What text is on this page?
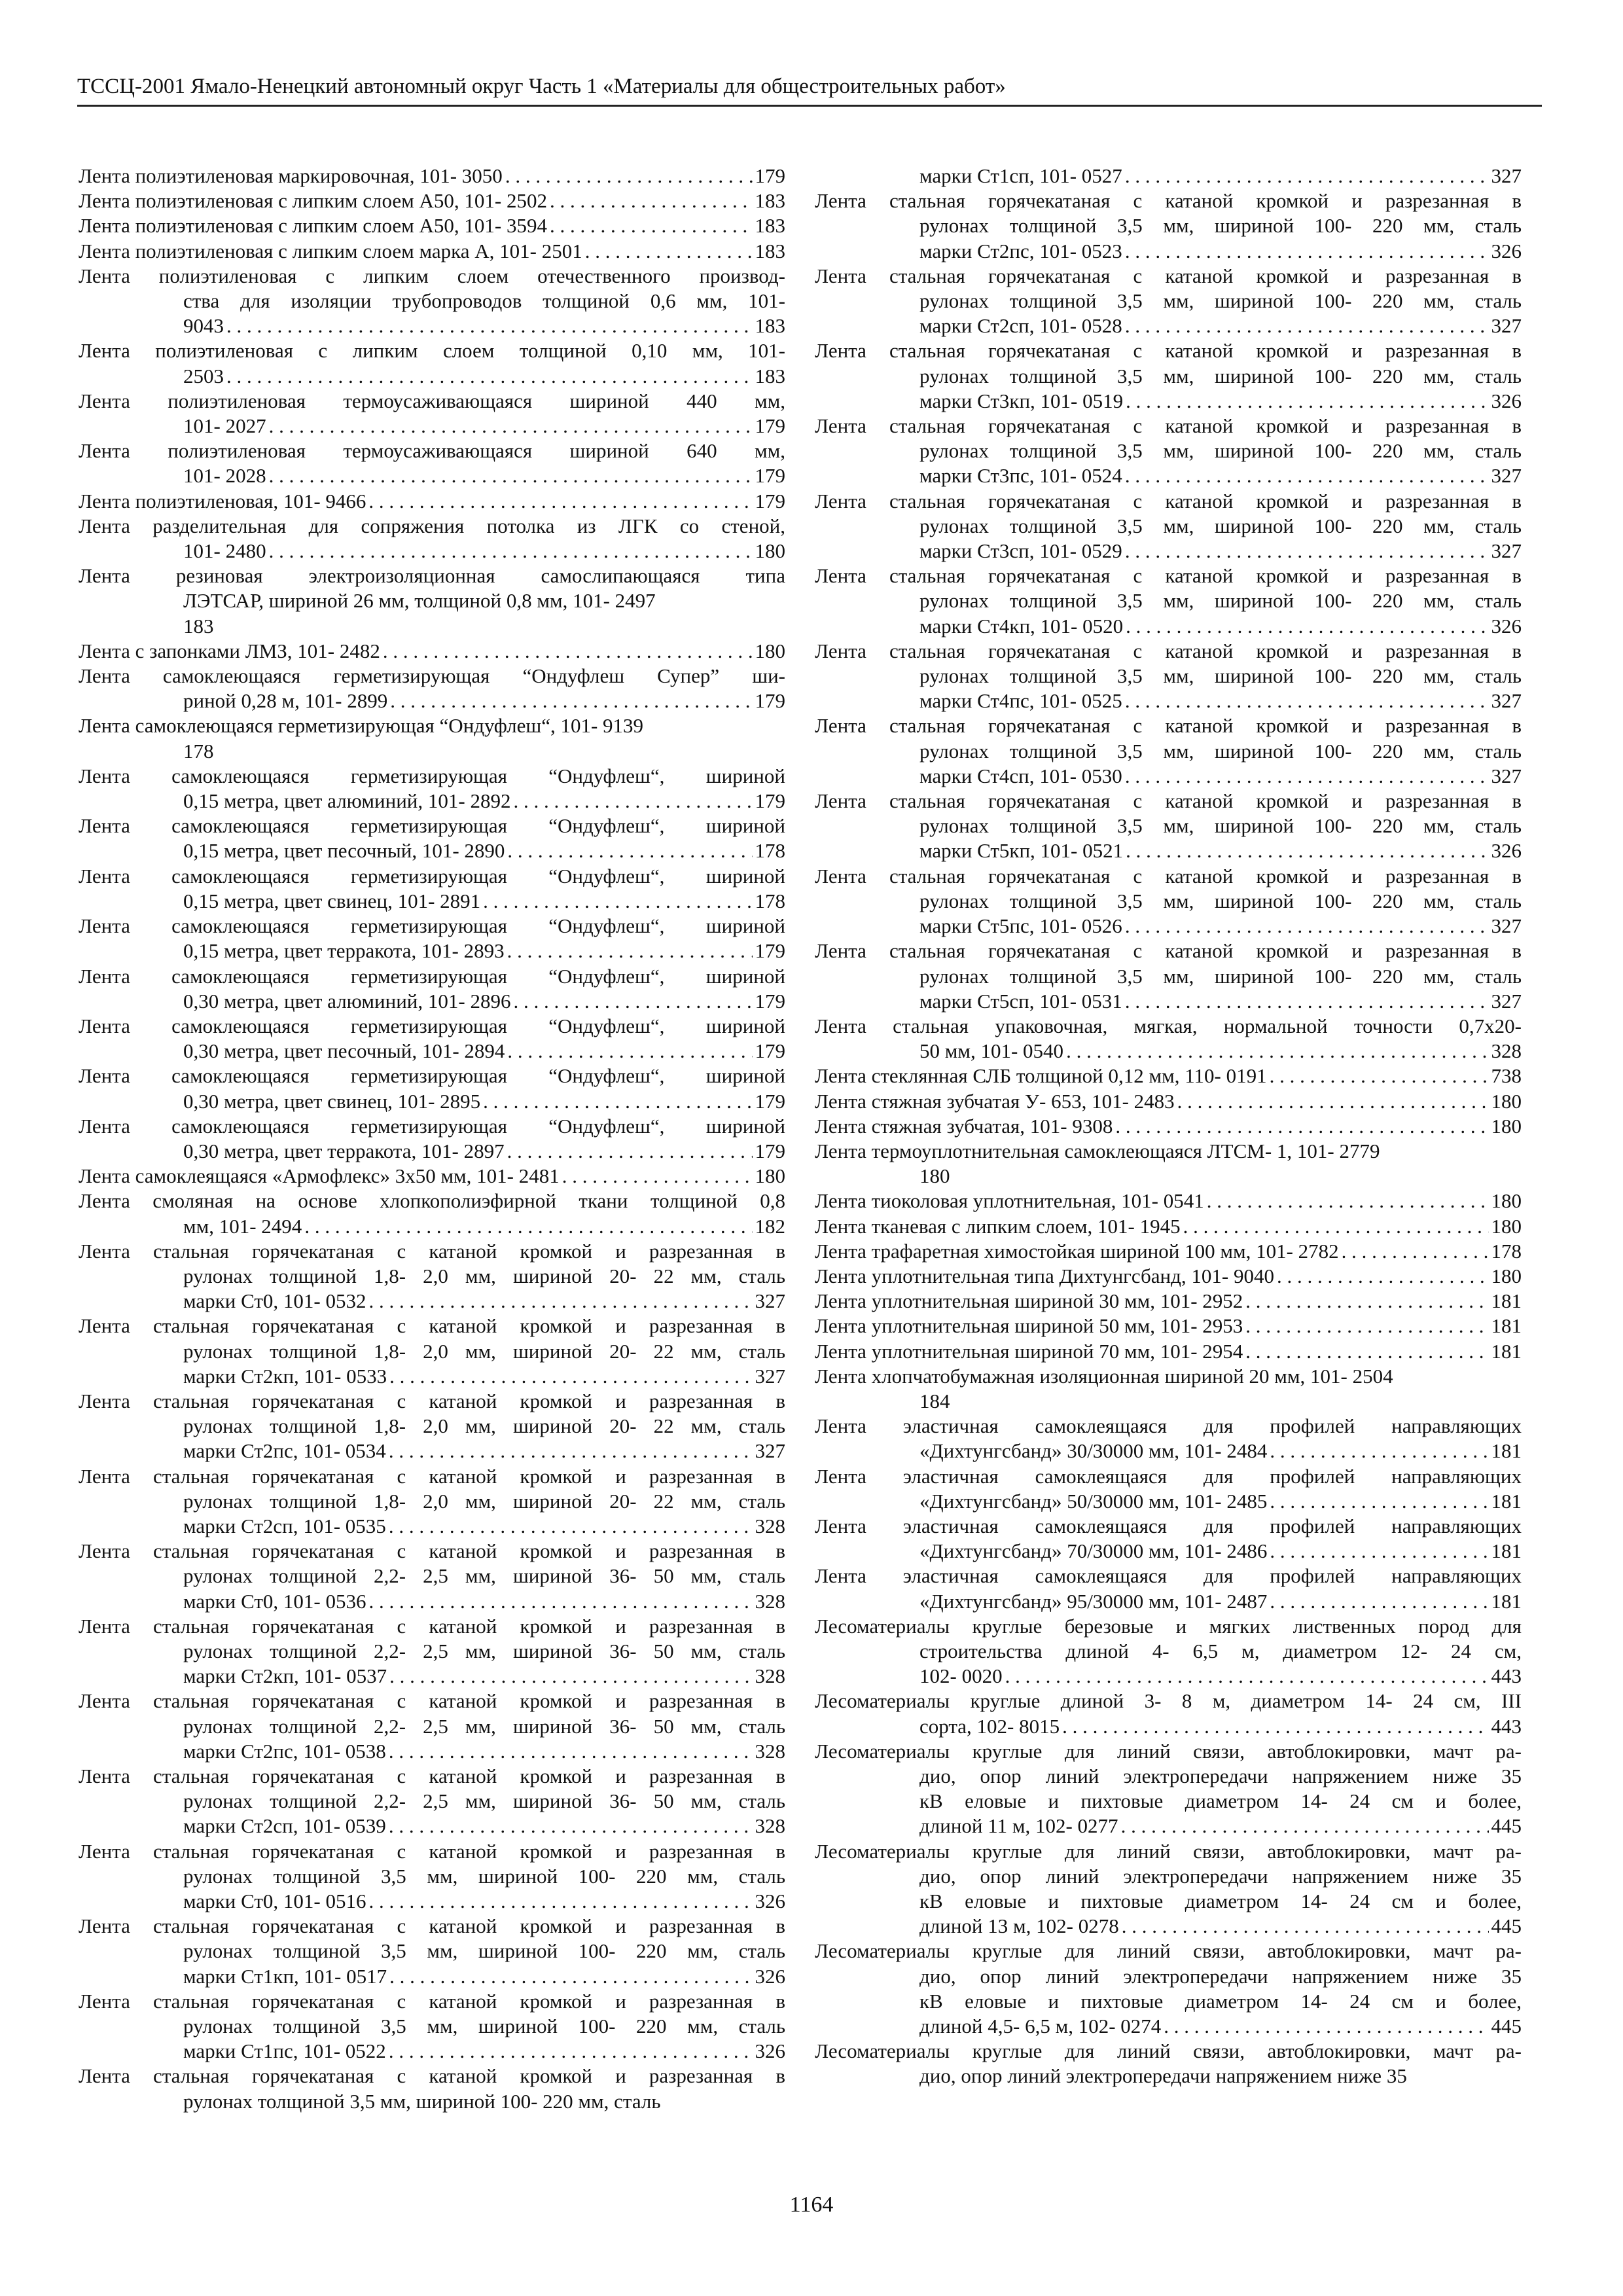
ТССЦ-2001 Ямало-Ненецкий автономный округ Часть 1 «Материалы для общестроительных работ»
Лента полиэтиленовая маркировочная, 101- 3050 . . .	179
Лента полиэтиленовая с липким слоем А50, 101- 2502 . . .	183
Лента полиэтиленовая с липким слоем А50, 101- 3594 . . .	183
Лента полиэтиленовая с липким слоем марка А, 101- 2501 . . .	183
Лента полиэтиленовая с липким слоем отечественного производ-
ства для изоляции трубопроводов толщиной 0,6 мм, 101-
9043 . . .	183
Лента полиэтиленовая с липким слоем толщиной 0,10 мм, 101-
2503 . . .	183
Лента полиэтиленовая термоусаживающаяся шириной 440 мм,
101- 2027 . . .	179
Лента полиэтиленовая термоусаживающаяся шириной 640 мм,
101- 2028 . . .	179
Лента полиэтиленовая, 101- 9466 . . .	179
Лента разделительная для сопряжения потолка из ЛГК со стеной,
101- 2480 . . .	180
Лента резиновая электроизоляционная самослипающаяся типа
ЛЭТСАР, шириной 26 мм, толщиной 0,8 мм, 101- 2497
183
Лента с запонками ЛМЗ, 101- 2482 . . .	180
Лента самоклеющаяся герметизирующая “Ондуфлеш Супер” ши-
риной 0,28 м, 101- 2899 . . .	179
Лента самоклеющаяся герметизирующая “Ондуфлеш“, 101- 9139
178
Лента самоклеющаяся герметизирующая “Ондуфлеш“, шириной
0,15 метра, цвет алюминий, 101- 2892 . . .	179
Лента самоклеющаяся герметизирующая “Ондуфлеш“, шириной
0,15 метра, цвет песочный, 101- 2890 . . .	178
Лента самоклеющаяся герметизирующая “Ондуфлеш“, шириной
0,15 метра, цвет свинец, 101- 2891 . . .	178
Лента самоклеющаяся герметизирующая “Ондуфлеш“, шириной
0,15 метра, цвет терракота, 101- 2893 . . .	179
Лента самоклеющаяся герметизирующая “Ондуфлеш“, шириной
0,30 метра, цвет алюминий, 101- 2896 . . .	179
Лента самоклеющаяся герметизирующая “Ондуфлеш“, шириной
0,30 метра, цвет песочный, 101- 2894 . . .	179
Лента самоклеющаяся герметизирующая “Ондуфлеш“, шириной
0,30 метра, цвет свинец, 101- 2895 . . .	179
Лента самоклеющаяся герметизирующая “Ондуфлеш“, шириной
0,30 метра, цвет терракота, 101- 2897 . . .	179
Лента самоклеящаяся «Армофлекс» 3х50 мм, 101- 2481 . . .	180
Лента смоляная на основе хлопкополиэфирной ткани толщиной 0,8
мм, 101- 2494 . . .	182
Лента стальная горячекатаная с катаной кромкой и разрезанная в
рулонах толщиной 1,8- 2,0 мм, шириной 20- 22 мм, сталь
марки Ст0, 101- 0532 . . .	327
Лента стальная горячекатаная с катаной кромкой и разрезанная в
рулонах толщиной 1,8- 2,0 мм, шириной 20- 22 мм, сталь
марки Ст2кп, 101- 0533 . . .	327
Лента стальная горячекатаная с катаной кромкой и разрезанная в
рулонах толщиной 1,8- 2,0 мм, шириной 20- 22 мм, сталь
марки Ст2пс, 101- 0534 . . .	327
Лента стальная горячекатаная с катаной кромкой и разрезанная в
рулонах толщиной 1,8- 2,0 мм, шириной 20- 22 мм, сталь
марки Ст2сп, 101- 0535 . . .	328
Лента стальная горячекатаная с катаной кромкой и разрезанная в
рулонах толщиной 2,2- 2,5 мм, шириной 36- 50 мм, сталь
марки Ст0, 101- 0536 . . .	328
Лента стальная горячекатаная с катаной кромкой и разрезанная в
рулонах толщиной 2,2- 2,5 мм, шириной 36- 50 мм, сталь
марки Ст2кп, 101- 0537 . . .	328
Лента стальная горячекатаная с катаной кромкой и разрезанная в
рулонах толщиной 2,2- 2,5 мм, шириной 36- 50 мм, сталь
марки Ст2пс, 101- 0538 . . .	328
Лента стальная горячекатаная с катаной кромкой и разрезанная в
рулонах толщиной 2,2- 2,5 мм, шириной 36- 50 мм, сталь
марки Ст2сп, 101- 0539 . . .	328
Лента стальная горячекатаная с катаной кромкой и разрезанная в
рулонах толщиной 3,5 мм, шириной 100- 220 мм, сталь
марки Ст0, 101- 0516 . . .	326
Лента стальная горячекатаная с катаной кромкой и разрезанная в
рулонах толщиной 3,5 мм, шириной 100- 220 мм, сталь
марки Ст1кп, 101- 0517 . . .	326
Лента стальная горячекатаная с катаной кромкой и разрезанная в
рулонах толщиной 3,5 мм, шириной 100- 220 мм, сталь
марки Ст1пс, 101- 0522 . . .	326
Лента стальная горячекатаная с катаной кромкой и разрезанная в
рулонах толщиной 3,5 мм, шириной 100- 220 мм, сталь
марки Ст1сп, 101- 0527 . . .	327
Лента стальная горячекатаная с катаной кромкой и разрезанная в
рулонах толщиной 3,5 мм, шириной 100- 220 мм, сталь
марки Ст2пс, 101- 0523 . . .	326
Лента стальная горячекатаная с катаной кромкой и разрезанная в
рулонах толщиной 3,5 мм, шириной 100- 220 мм, сталь
марки Ст2сп, 101- 0528 . . .	327
Лента стальная горячекатаная с катаной кромкой и разрезанная в
рулонах толщиной 3,5 мм, шириной 100- 220 мм, сталь
марки Ст3кп, 101- 0519 . . .	326
Лента стальная горячекатаная с катаной кромкой и разрезанная в
рулонах толщиной 3,5 мм, шириной 100- 220 мм, сталь
марки Ст3пс, 101- 0524 . . .	327
Лента стальная горячекатаная с катаной кромкой и разрезанная в
рулонах толщиной 3,5 мм, шириной 100- 220 мм, сталь
марки Ст3сп, 101- 0529 . . .	327
Лента стальная горячекатаная с катаной кромкой и разрезанная в
рулонах толщиной 3,5 мм, шириной 100- 220 мм, сталь
марки Ст4кп, 101- 0520 . . .	326
Лента стальная горячекатаная с катаной кромкой и разрезанная в
рулонах толщиной 3,5 мм, шириной 100- 220 мм, сталь
марки Ст4пс, 101- 0525 . . .	327
Лента стальная горячекатаная с катаной кромкой и разрезанная в
рулонах толщиной 3,5 мм, шириной 100- 220 мм, сталь
марки Ст4сп, 101- 0530 . . .	327
Лента стальная горячекатаная с катаной кромкой и разрезанная в
рулонах толщиной 3,5 мм, шириной 100- 220 мм, сталь
марки Ст5кп, 101- 0521 . . .	326
Лента стальная горячекатаная с катаной кромкой и разрезанная в
рулонах толщиной 3,5 мм, шириной 100- 220 мм, сталь
марки Ст5пс, 101- 0526 . . .	327
Лента стальная горячекатаная с катаной кромкой и разрезанная в
рулонах толщиной 3,5 мм, шириной 100- 220 мм, сталь
марки Ст5сп, 101- 0531 . . .	327
Лента стальная упаковочная, мягкая, нормальной точности 0,7х20-
50 мм, 101- 0540 . . .	328
Лента стеклянная СЛБ толщиной 0,12 мм, 110- 0191 . . .	738
Лента стяжная зубчатая У- 653, 101- 2483 . . .	180
Лента стяжная зубчатая, 101- 9308 . . .	180
Лента термоуплотнительная самоклеющаяся ЛТСМ- 1, 101- 2779
180
Лента тиоколовая уплотнительная, 101- 0541 . . .	180
Лента тканевая с липким слоем, 101- 1945 . . .	180
Лента трафаретная химостойкая шириной 100 мм, 101- 2782 . . .	178
Лента уплотнительная типа Дихтунгсбанд, 101- 9040 . . .	180
Лента уплотнительная шириной 30 мм, 101- 2952 . . .	181
Лента уплотнительная шириной 50 мм, 101- 2953 . . .	181
Лента уплотнительная шириной 70 мм, 101- 2954 . . .	181
Лента хлопчатобумажная изоляционная шириной 20 мм, 101- 2504
184
Лента эластичная самоклеящаяся для профилей направляющих
«Дихтунгсбанд» 30/30000 мм, 101- 2484 . . .	181
Лента эластичная самоклеящаяся для профилей направляющих
«Дихтунгсбанд» 50/30000 мм, 101- 2485 . . .	181
Лента эластичная самоклеящаяся для профилей направляющих
«Дихтунгсбанд» 70/30000 мм, 101- 2486 . . .	181
Лента эластичная самоклеящаяся для профилей направляющих
«Дихтунгсбанд» 95/30000 мм, 101- 2487 . . .	181
Лесоматериалы круглые березовые и мягких лиственных пород для
строительства длиной 4- 6,5 м, диаметром 12- 24 см,
102- 0020 . . .	443
Лесоматериалы круглые длиной 3- 8 м, диаметром 14- 24 см, III
сорта, 102- 8015 . . .	443
Лесоматериалы круглые для линий связи, автоблокировки, мачт ра-
дио, опор линий электропередачи напряжением ниже 35
кВ еловые и пихтовые диаметром 14- 24 см и более,
длиной 11 м, 102- 0277 . . .	445
Лесоматериалы круглые для линий связи, автоблокировки, мачт ра-
дио, опор линий электропередачи напряжением ниже 35
кВ еловые и пихтовые диаметром 14- 24 см и более,
длиной 13 м, 102- 0278 . . .	445
Лесоматериалы круглые для линий связи, автоблокировки, мачт ра-
дио, опор линий электропередачи напряжением ниже 35
кВ еловые и пихтовые диаметром 14- 24 см и более,
длиной 4,5- 6,5 м, 102- 0274 . . .	445
Лесоматериалы круглые для линий связи, автоблокировки, мачт ра-
дио, опор линий электропередачи напряжением ниже 35
1164
